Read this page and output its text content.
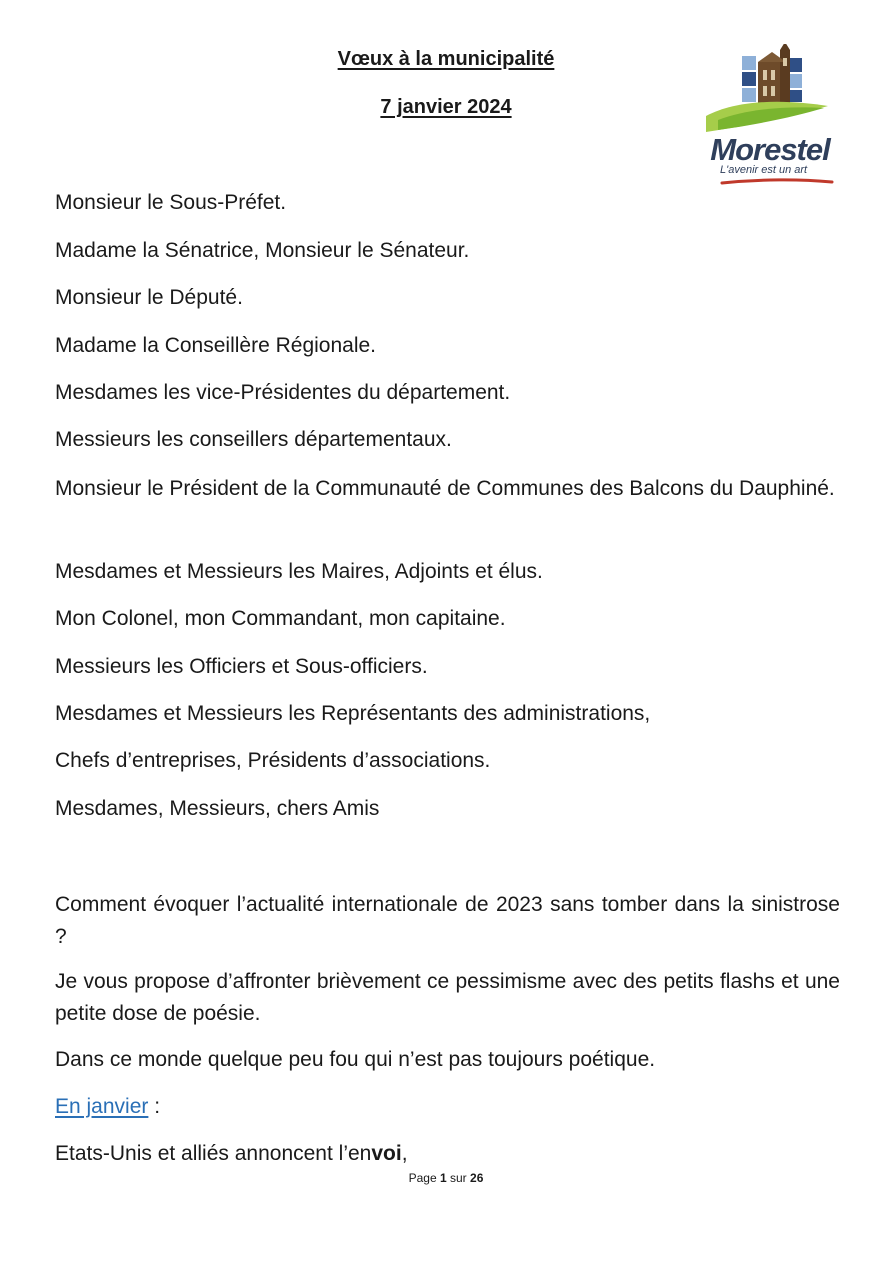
Vœux à la municipalité
7 janvier 2024
Morestel
L'avenir est un art

Monsieur le Sous-Préfet.

Madame la Sénatrice, Monsieur le Sénateur.

Monsieur le Député.

Madame la Conseillère Régionale.

Mesdames les vice-Présidentes du département.

Messieurs les conseillers départementaux.

Monsieur le Président de la Communauté de Communes des Balcons du Dauphiné.

Mesdames et Messieurs les Maires, Adjoints et élus.

Mon Colonel, mon Commandant, mon capitaine.

Messieurs les Officiers et Sous-officiers.

Mesdames et Messieurs les Représentants des administrations,

Chefs d’entreprises, Présidents d’associations.

Mesdames, Messieurs, chers Amis

Comment évoquer l’actualité internationale de 2023 sans tomber dans la sinistrose ?

Je vous propose d’affronter brièvement ce pessimisme avec des petits flashs et une petite dose de poésie.

Dans ce monde quelque peu fou qui n’est pas toujours poétique.

En janvier :

Etats-Unis et alliés annoncent l’envoi,

Page 1 sur 26
